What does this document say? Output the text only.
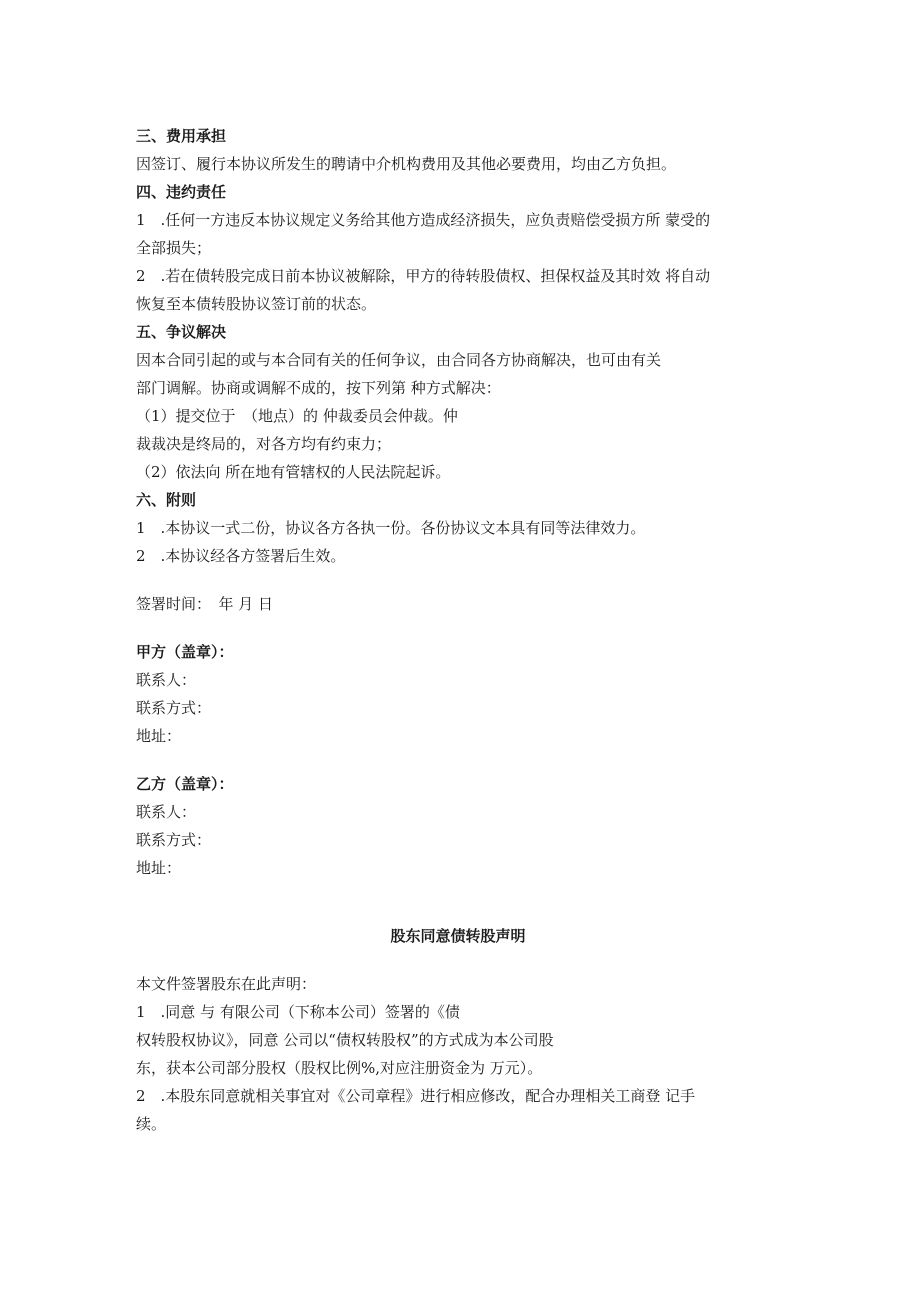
三、费用承担
因签订、履行本协议所发生的聘请中介机构费用及其他必要费用，均由乙方负担。
四、违约责任
1　.任何一方违反本协议规定义务给其他方造成经济损失，应负责赔偿受损方所 蒙受的
全部损失；
2　.若在债转股完成日前本协议被解除，甲方的待转股债权、担保权益及其时效 将自动
恢复至本债转股协议签订前的状态。
五、争议解决
因本合同引起的或与本合同有关的任何争议，由合同各方协商解决，也可由有关
部门调解。协商或调解不成的，按下列第 种方式解决：
（1）提交位于　（地点）的 仲裁委员会仲裁。仲
裁裁决是终局的，对各方均有约束力；
（2）依法向 所在地有管辖权的人民法院起诉。
六、附则
1　.本协议一式二份，协议各方各执一份。各份协议文本具有同等法律效力。
2　.本协议经各方签署后生效。
签署时间：　年 月 日
甲方（盖章）：
联系人：
联系方式：
地址：
乙方（盖章）：
联系人：
联系方式：
地址：
股东同意债转股声明
本文件签署股东在此声明：
1　.同意 与 有限公司（下称本公司）签署的《债
权转股权协议》，同意 公司以“债权转股权”的方式成为本公司股
东，获本公司部分股权（股权比例%,对应注册资金为 万元）。
2　.本股东同意就相关事宜对《公司章程》进行相应修改，配合办理相关工商登 记手
续。
